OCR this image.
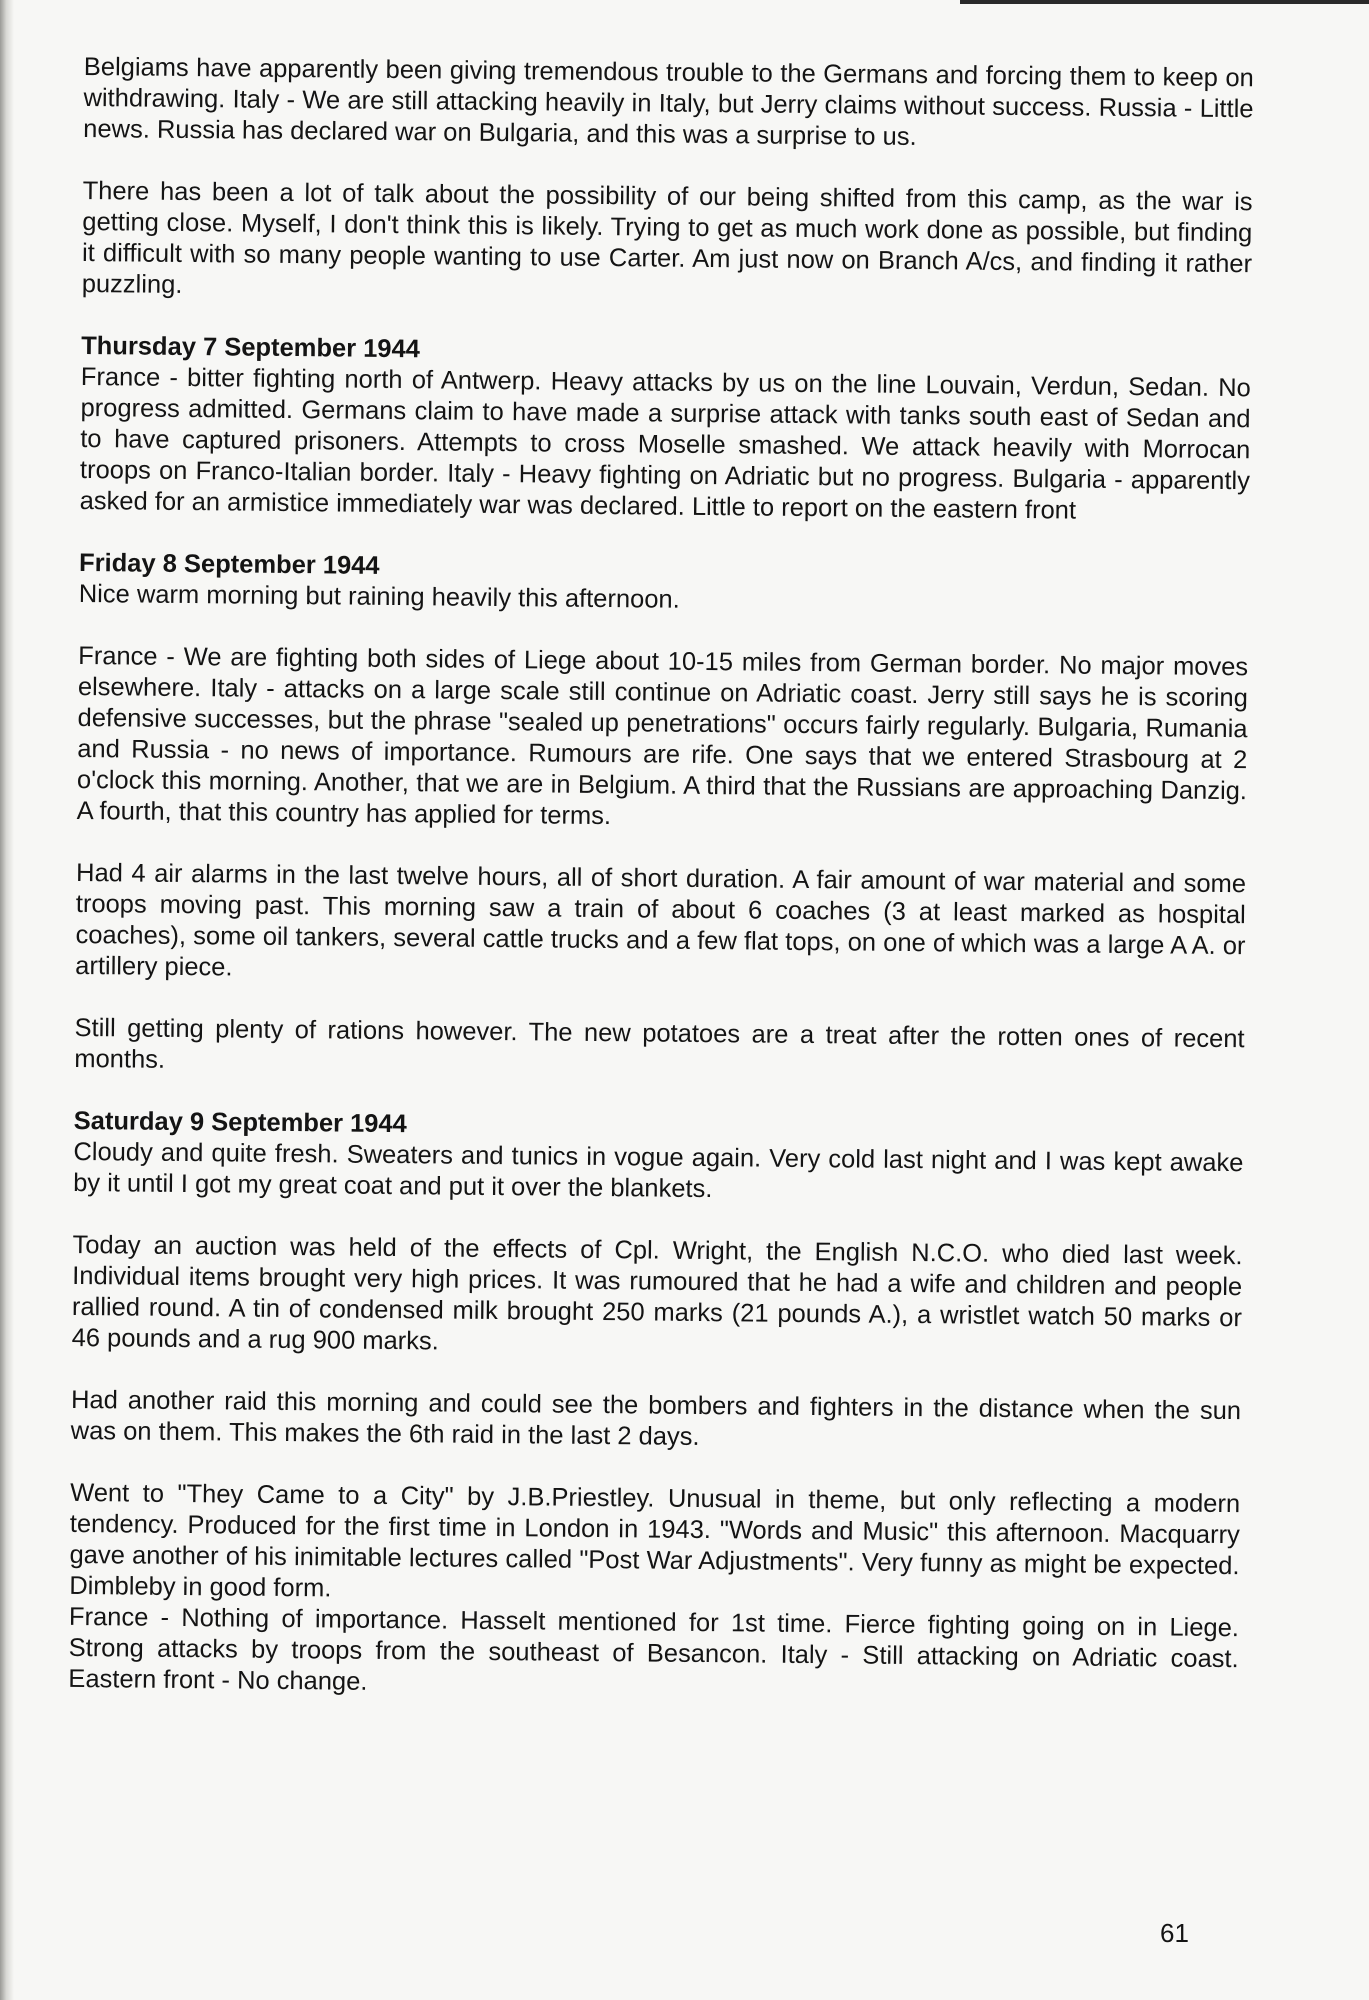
Belgiams have apparently been giving tremendous trouble to the Germans and forcing them to keep on withdrawing. Italy - We are still attacking heavily in Italy, but Jerry claims without success. Russia - Little news. Russia has declared war on Bulgaria, and this was a surprise to us.

There has been a lot of talk about the possibility of our being shifted from this camp, as the war is getting close. Myself, I don't think this is likely. Trying to get as much work done as possible, but finding it difficult with so many people wanting to use Carter. Am just now on Branch A/cs, and finding it rather puzzling.

Thursday 7 September 1944

France - bitter fighting north of Antwerp. Heavy attacks by us on the line Louvain, Verdun, Sedan. No progress admitted. Germans claim to have made a surprise attack with tanks south east of Sedan and to have captured prisoners. Attempts to cross Moselle smashed. We attack heavily with Morrocan troops on Franco-Italian border. Italy - Heavy fighting on Adriatic but no progress. Bulgaria - apparently asked for an armistice immediately war was declared. Little to report on the eastern front

Friday 8 September 1944

Nice warm morning but raining heavily this afternoon.

France - We are fighting both sides of Liege about 10-15 miles from German border. No major moves elsewhere. Italy - attacks on a large scale still continue on Adriatic coast. Jerry still says he is scoring defensive successes, but the phrase "sealed up penetrations" occurs fairly regularly. Bulgaria, Rumania and Russia - no news of importance. Rumours are rife. One says that we entered Strasbourg at 2 o'clock this morning. Another, that we are in Belgium. A third that the Russians are approaching Danzig. A fourth, that this country has applied for terms.

Had 4 air alarms in the last twelve hours, all of short duration. A fair amount of war material and some troops moving past. This morning saw a train of about 6 coaches (3 at least marked as hospital coaches), some oil tankers, several cattle trucks and a few flat tops, on one of which was a large A A. or artillery piece.

Still getting plenty of rations however. The new potatoes are a treat after the rotten ones of recent months.

Saturday 9 September 1944

Cloudy and quite fresh. Sweaters and tunics in vogue again. Very cold last night and I was kept awake by it until I got my great coat and put it over the blankets.

Today an auction was held of the effects of Cpl. Wright, the English N.C.O. who died last week. Individual items brought very high prices. It was rumoured that he had a wife and children and people rallied round. A tin of condensed milk brought 250 marks (21 pounds A.), a wristlet watch 50 marks or 46 pounds and a rug 900 marks.

Had another raid this morning and could see the bombers and fighters in the distance when the sun was on them. This makes the 6th raid in the last 2 days.

Went to "They Came to a City" by J.B.Priestley. Unusual in theme, but only reflecting a modern tendency. Produced for the first time in London in 1943. "Words and Music" this afternoon. Macquarry gave another of his inimitable lectures called "Post War Adjustments". Very funny as might be expected. Dimbleby in good form.

France - Nothing of importance. Hasselt mentioned for 1st time. Fierce fighting going on in Liege. Strong attacks by troops from the southeast of Besancon. Italy - Still attacking on Adriatic coast. Eastern front - No change.

61
